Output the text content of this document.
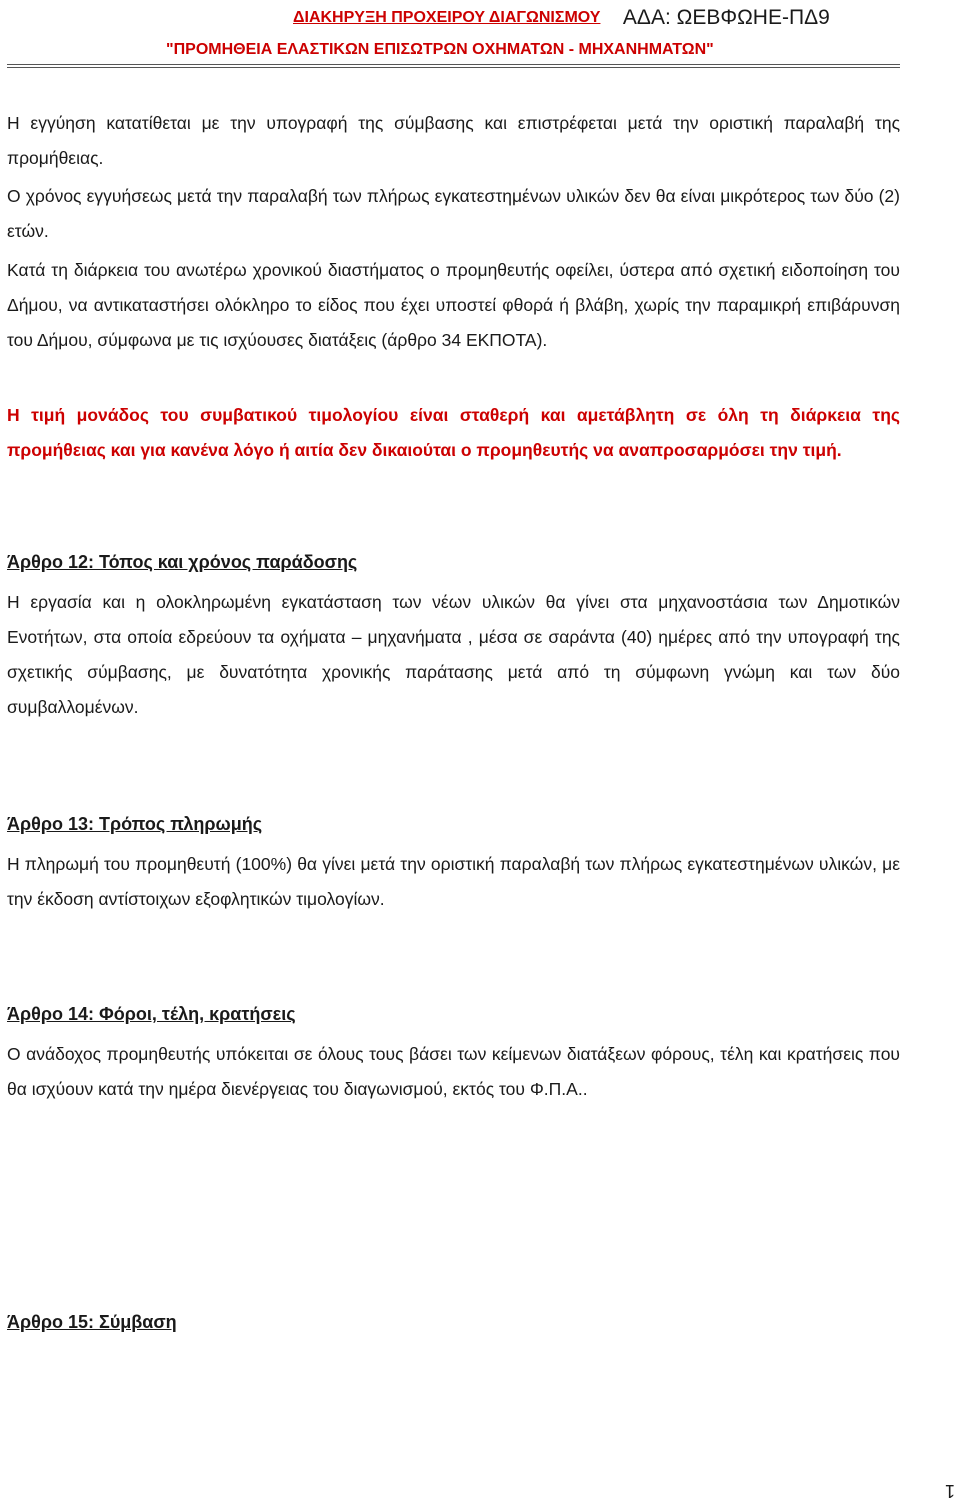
ΔΙΑΚΗΡΥΞΗ ΠΡΟΧΕΙΡΟΥ ΔΙΑΓΩΝΙΣΜΟΥ ΑΔΑ: ΩΕΒΦΩΗΕ-ΠΔ9
"ΠΡΟΜΗΘΕΙΑ ΕΛΑΣΤΙΚΩΝ ΕΠΙΣΩΤΡΩΝ ΟΧΗΜΑΤΩΝ - ΜΗΧΑΝΗΜΑΤΩΝ"

Η εγγύηση κατατίθεται με την υπογραφή της σύμβασης και επιστρέφεται μετά την οριστική παραλαβή της προμήθειας.

Ο χρόνος εγγυήσεως μετά την παραλαβή των πλήρως εγκατεστημένων υλικών δεν θα είναι μικρότερος των δύο (2) ετών.

Κατά τη διάρκεια του ανωτέρω χρονικού διαστήματος ο προμηθευτής οφείλει, ύστερα από σχετική ειδοποίηση του Δήμου, να αντικαταστήσει ολόκληρο το είδος που έχει υποστεί φθορά ή βλάβη, χωρίς την παραμικρή επιβάρυνση του Δήμου, σύμφωνα με τις ισχύουσες διατάξεις (άρθρο 34 ΕΚΠΟΤΑ).

Η τιμή μονάδος του συμβατικού τιμολογίου είναι σταθερή και αμετάβλητη σε όλη τη διάρκεια της προμήθειας και για κανένα λόγο ή αιτία δεν δικαιούται ο προμηθευτής να αναπροσαρμόσει την τιμή.

Άρθρο 12: Τόπος και χρόνος παράδοσης

Η εργασία και η ολοκληρωμένη εγκατάσταση των νέων υλικών θα γίνει στα μηχανοστάσια των Δημοτικών Ενοτήτων, στα οποία εδρεύουν τα οχήματα – μηχανήματα , μέσα σε σαράντα (40) ημέρες από την υπογραφή της σχετικής σύμβασης, με δυνατότητα χρονικής παράτασης μετά από τη σύμφωνη γνώμη και των δύο συμβαλλομένων.

Άρθρο 13: Τρόπος πληρωμής

Η πληρωμή του προμηθευτή (100%) θα γίνει μετά την οριστική παραλαβή των πλήρως εγκατεστημένων υλικών, με την έκδοση αντίστοιχων εξοφλητικών τιμολογίων.

Άρθρο 14: Φόροι, τέλη, κρατήσεις

Ο ανάδοχος προμηθευτής υπόκειται σε όλους τους βάσει των κείμενων διατάξεων φόρους, τέλη και κρατήσεις που θα ισχύουν κατά την ημέρα διενέργειας του διαγωνισμού, εκτός του Φ.Π.Α..

Άρθρο 15: Σύμβαση
1
